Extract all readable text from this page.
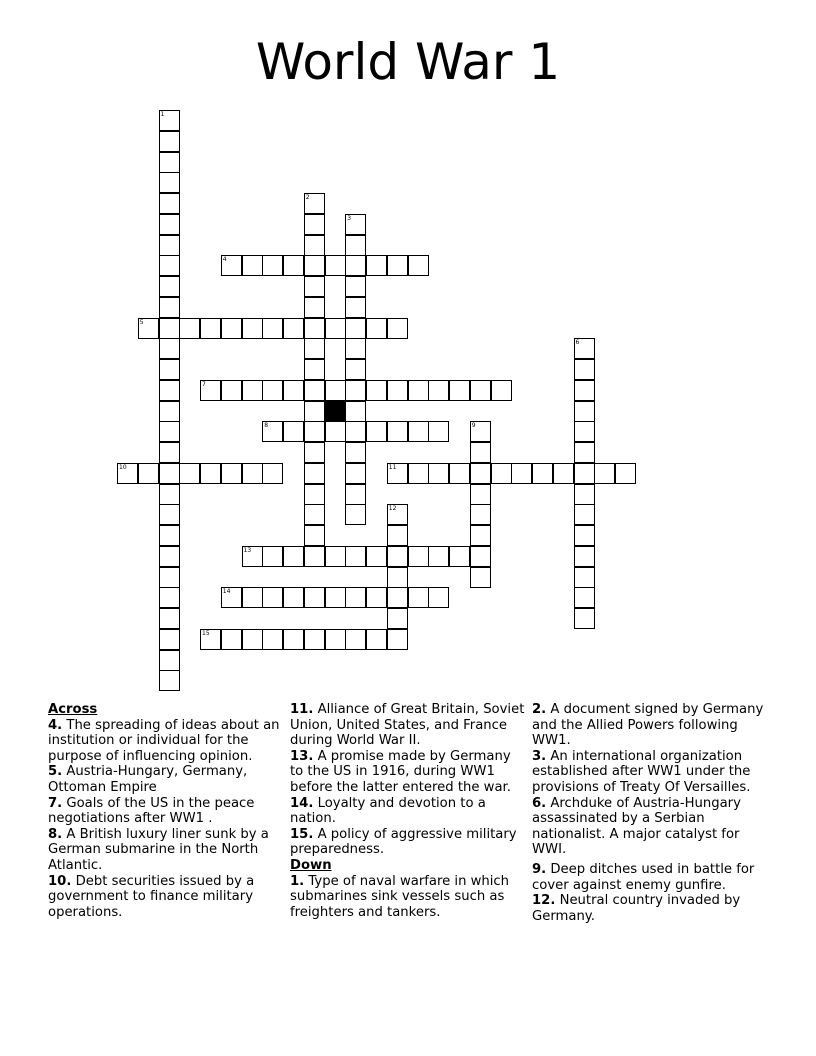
World War 1
1
2
3
4
5
6
7
8	9
10	11
12
13
14
15
Across
4. The spreading of ideas about an institution or individual for the purpose of influencing opinion.
5. Austria-Hungary, Germany, Ottoman Empire
7. Goals of the US in the peace negotiations after WW1 .
8. A British luxury liner sunk by a German submarine in the North Atlantic.
10. Debt securities issued by a government to finance military operations.
11. Alliance of Great Britain, Soviet Union, United States, and France during World War II.
13. A promise made by Germany to the US in 1916, during WW1 before the latter entered the war.
14. Loyalty and devotion to a nation.
15. A policy of aggressive military preparedness.
Down
1. Type of naval warfare in which submarines sink vessels such as freighters and tankers.
2. A document signed by Germany and the Allied Powers following WW1.
3. An international organization established after WW1 under the provisions of Treaty Of Versailles.
6. Archduke of Austria-Hungary assassinated by a Serbian nationalist. A major catalyst for WWI.
9. Deep ditches used in battle for cover against enemy gunfire.
12. Neutral country invaded by Germany.
